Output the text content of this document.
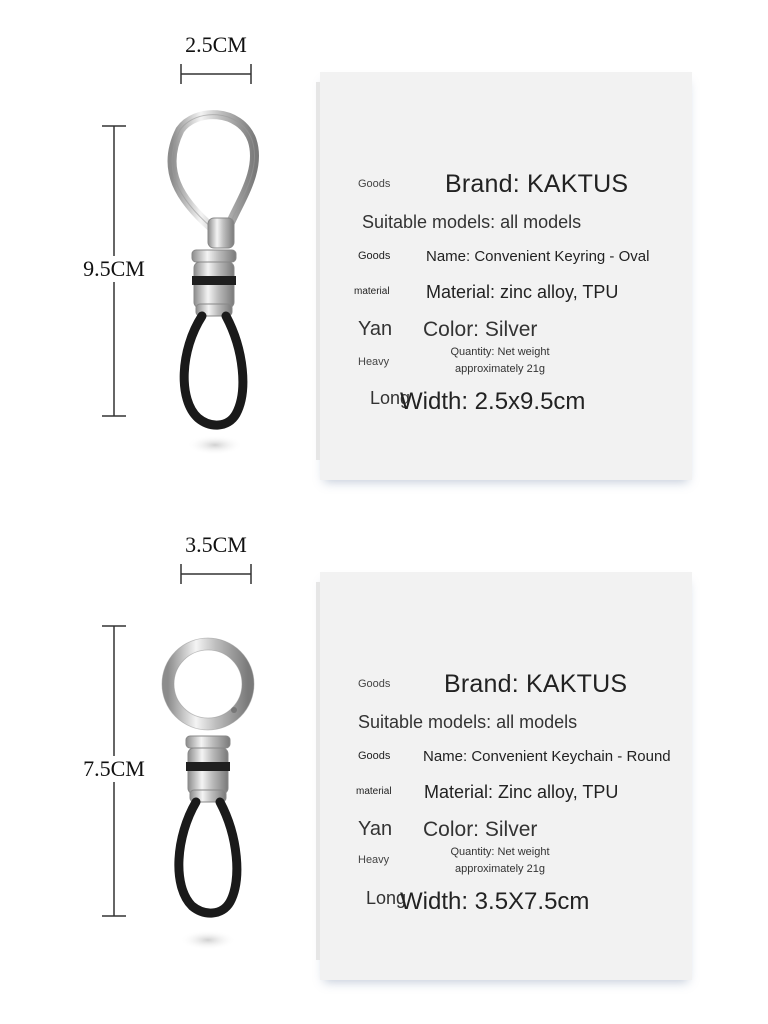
2.5CM
9.5CM
Goods Brand: KAKTUS
Suitable models: all models
Goods Name: Convenient Keyring - Oval
material Material: zinc alloy, TPU
Yan Color: Silver
Heavy
Quantity: Net weight approximately 21g
Long
Width: 2.5x9.5cm
3.5CM
7.5CM
Goods Brand: KAKTUS
Suitable models: all models
Goods Name: Convenient Keychain - Round
material Material: Zinc alloy, TPU
Yan Color: Silver
Heavy
Quantity: Net weight approximately 21g
Long
Width: 3.5X7.5cm
